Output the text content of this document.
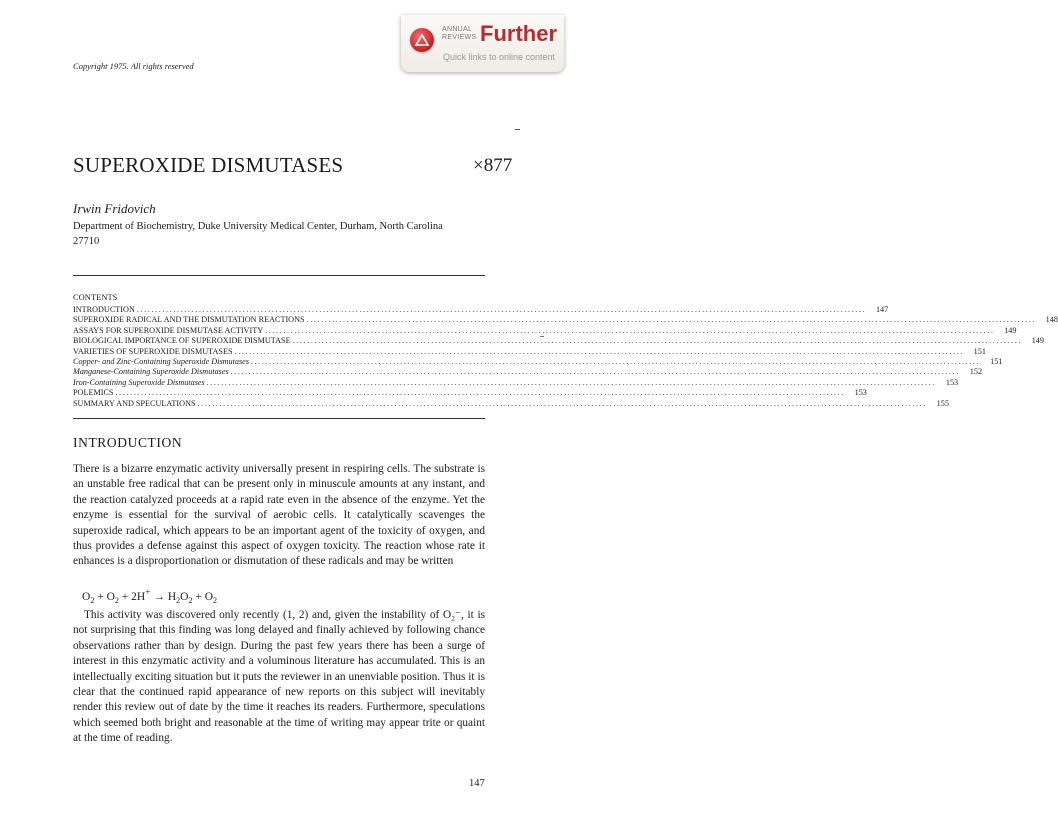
ANNUAL
REVIEWS Further
Quick links to online content
Copyright 1975. All rights reserved
SUPEROXIDE DISMUTASES	×877
Irwin Fridovich
Department of Biochemistry, Duke University Medical Center, Durham, North Carolina 27710
CONTENTS
INTRODUCTION ........................................................................................................................................................................................................	147
SUPEROXIDE RADICAL AND THE DISMUTATION REACTIONS ........................................................................................................................................................................................................	148
ASSAYS FOR SUPEROXIDE DISMUTASE ACTIVITY ........................................................................................................................................................................................................	149
BIOLOGICAL IMPORTANCE OF SUPEROXIDE DISMUTASE ........................................................................................................................................................................................................	149
VARIETIES OF SUPEROXIDE DISMUTASES ........................................................................................................................................................................................................	151
Copper- and Zinc-Containing Superoxide Dismutases ........................................................................................................................................................................................................	151
Manganese-Containing Superoxide Dismutases ........................................................................................................................................................................................................	152
Iron-Containing Superoxide Dismutases ........................................................................................................................................................................................................	153
POLEMICS ........................................................................................................................................................................................................	153
SUMMARY AND SPECULATIONS ........................................................................................................................................................................................................	155
INTRODUCTION
There is a bizarre enzymatic activity universally present in respiring cells. The substrate is an unstable free radical that can be present only in minuscule amounts at any instant, and the reaction catalyzed proceeds at a rapid rate even in the absence of the enzyme. Yet the enzyme is essential for the survival of aerobic cells. It catalytically scavenges the superoxide radical, which appears to be an important agent of the toxicity of oxygen, and thus provides a defense against this aspect of oxygen toxicity. The reaction whose rate it enhances is a disproportionation or dismutation of these radicals and may be written
$O_2 + O_2 + 2H^+ \to H_2O_2 + O_2$
This activity was discovered only recently (1, 2) and, given the instability of O₂⁻, it is not surprising that this finding was long delayed and finally achieved by following chance observations rather than by design. During the past few years there has been a surge of interest in this enzymatic activity and a voluminous literature has accumulated. This is an intellectually exciting situation but it puts the reviewer in an unenviable position. Thus it is clear that the continued rapid appearance of new reports on this subject will inevitably render this review out of date by the time it reaches its readers. Furthermore, speculations which seemed both bright and reasonable at the time of writing may appear trite or quaint at the time of reading.
147
